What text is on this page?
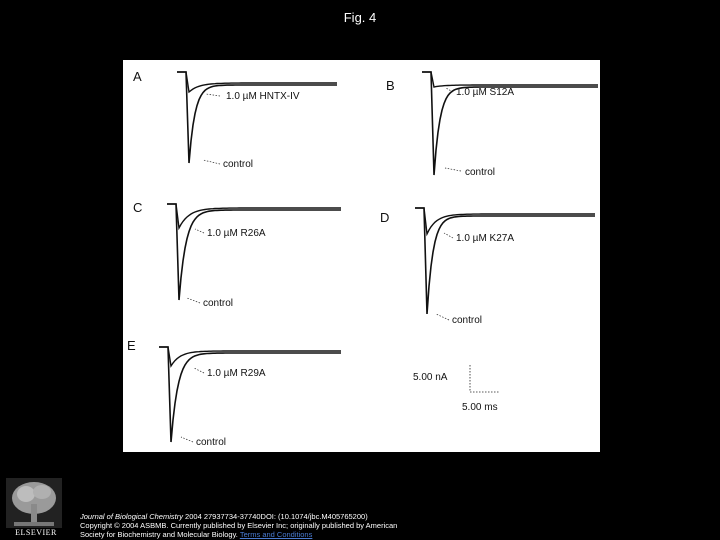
Fig. 4
A
1.0 µM HNTX-IV
control
B	1.0 µM S12A
control
C
1.0 µM R26A
control
D
1.0 µM K27A
control
E
1.0 µM R29A
control
5.00 nA
5.00 ms
ELSEVIER
Journal of Biological Chemistry 2004 27937734-37740DOI: (10.1074/jbc.M405765200)
Copyright © 2004 ASBMB. Currently published by Elsevier Inc; originally published by American
Society for Biochemistry and Molecular Biology. Terms and Conditions
